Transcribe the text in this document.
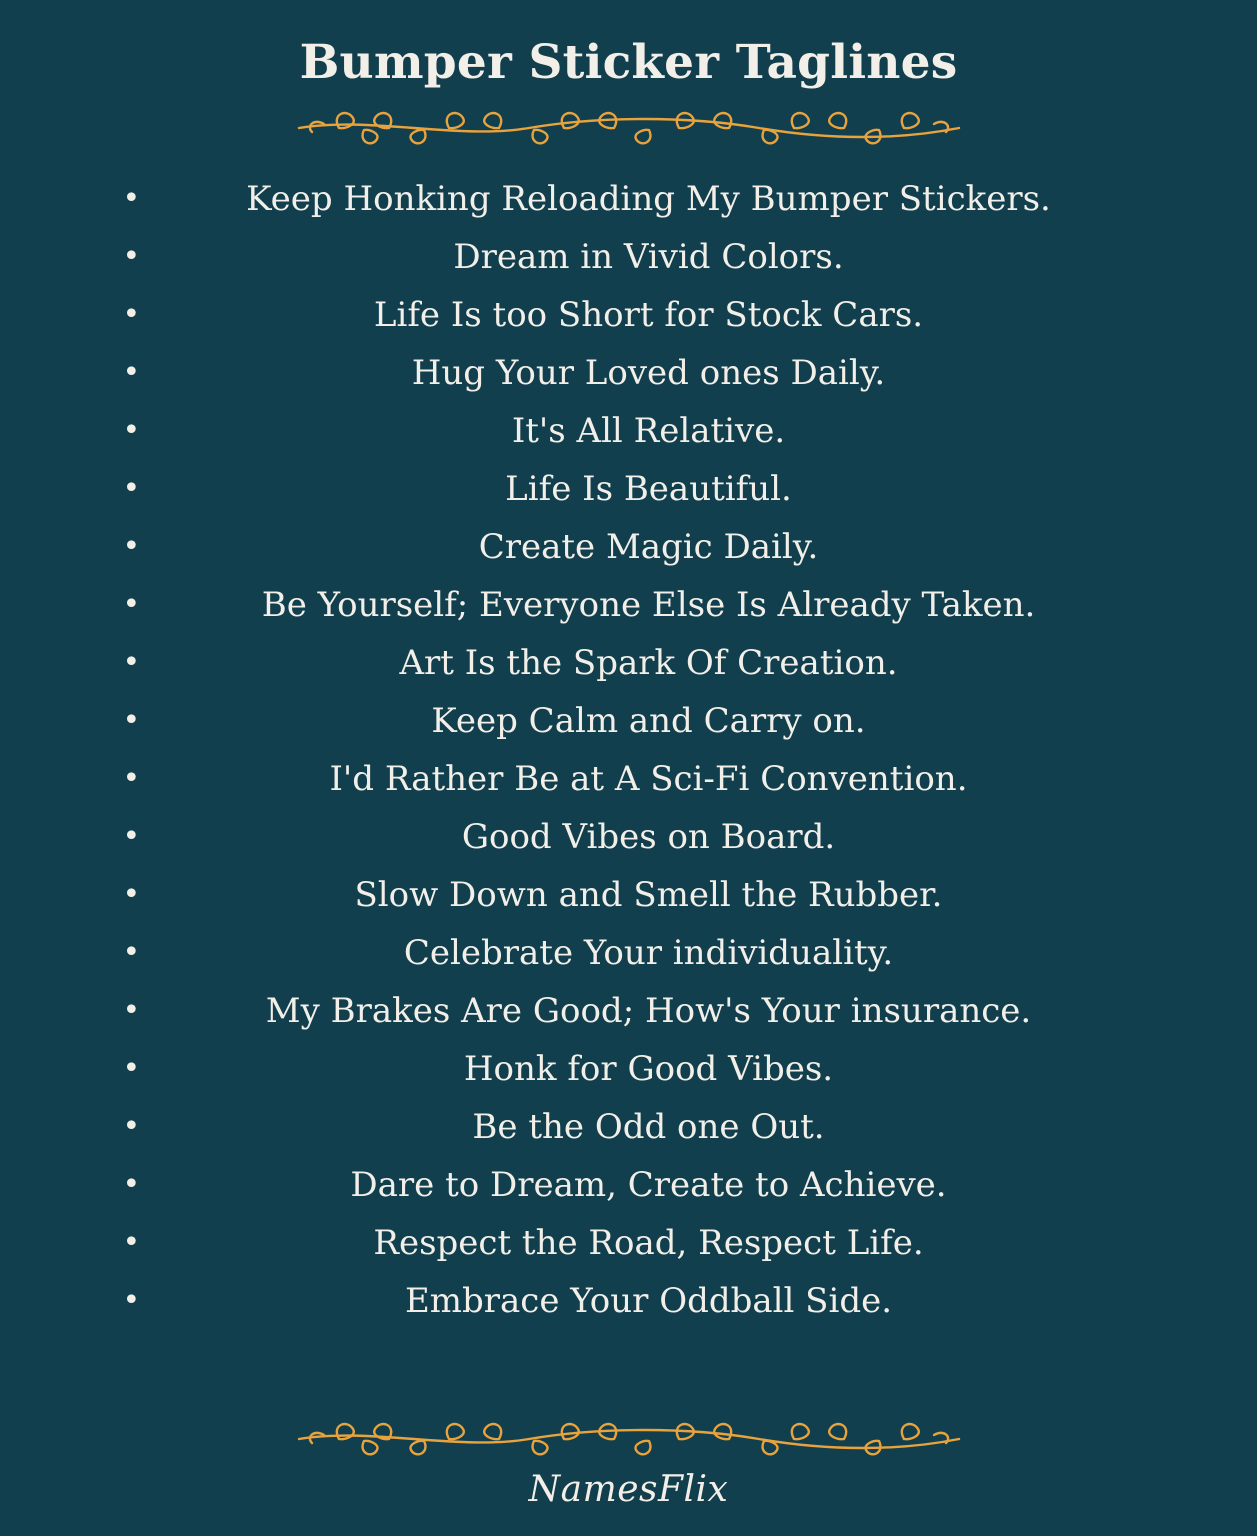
Bumper Sticker Taglines
•	Keep Honking Reloading My Bumper Stickers.
•	Dream in Vivid Colors.
•	Life Is too Short for Stock Cars.
•	Hug Your Loved ones Daily.
•	It's All Relative.
•	Life Is Beautiful.
•	Create Magic Daily.
•	Be Yourself; Everyone Else Is Already Taken.
•	Art Is the Spark Of Creation.
•	Keep Calm and Carry on.
•	I'd Rather Be at A Sci-Fi Convention.
•	Good Vibes on Board.
•	Slow Down and Smell the Rubber.
•	Celebrate Your individuality.
•	My Brakes Are Good; How's Your insurance.
•	Honk for Good Vibes.
•	Be the Odd one Out.
•	Dare to Dream, Create to Achieve.
•	Respect the Road, Respect Life.
•	Embrace Your Oddball Side.
NamesFlix
